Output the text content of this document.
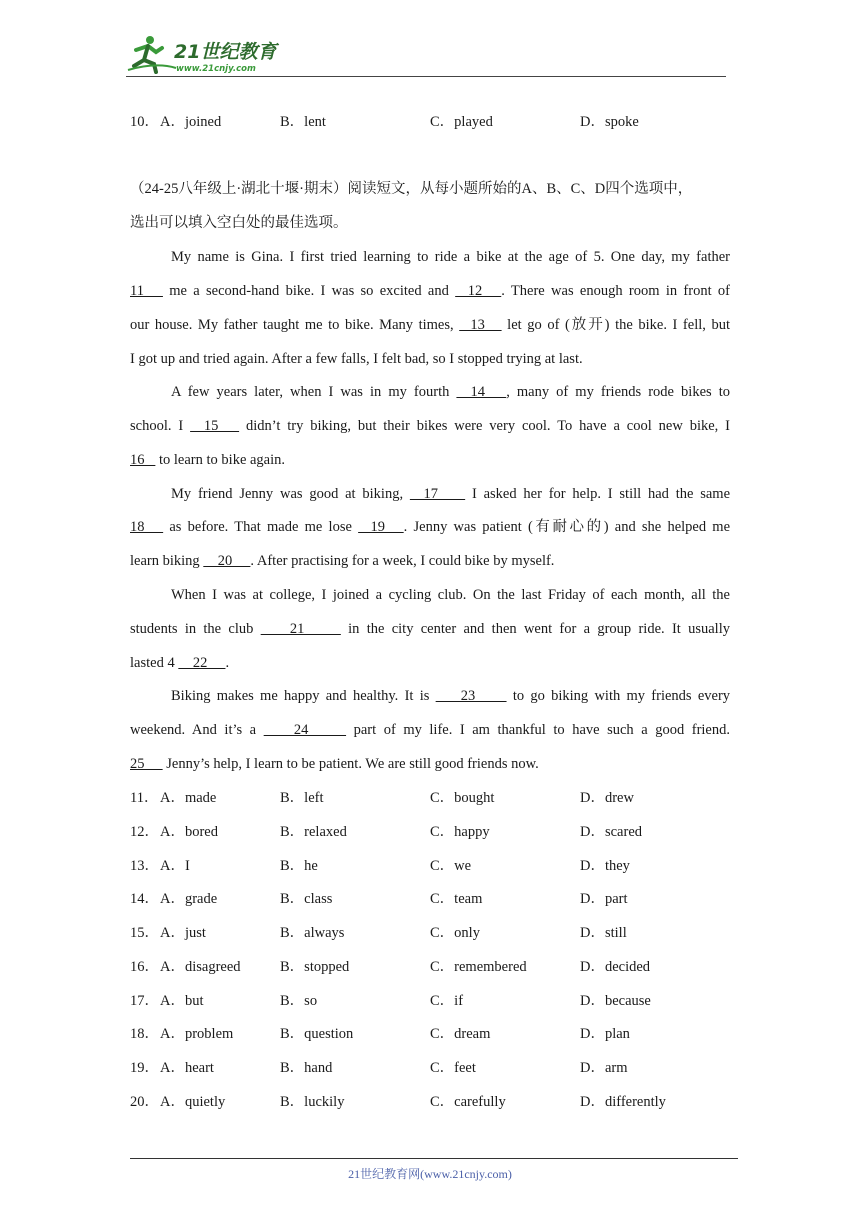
21世纪教育
www.21cnjy.com
10． A．joined	B．lent	C．played	D．spoke
（24-25八年级上·湖北十堰·期末）阅读短文，从每小题所始的A、B、C、D四个选项中，
选出可以填入空白处的最佳选项。
My name is Gina. I first tried learning to ride a bike at the age of 5. One day, my father
11    me a second-hand bike. I was so excited and   12   . There was enough room in front of
our house. My father taught me to bike. Many times,   13    let go of (放开) the bike. I fell, but
I got up and tried again. After a few falls, I felt bad, so I stopped trying at last.
A few years later, when I was in my fourth   14   , many of my friends rode bikes to
school. I   15    didn’t try biking, but their bikes were very cool. To have a cool new bike, I
16    to learn to bike again.
My friend Jenny was good at biking,   17     I asked her for help. I still had the same
18    as before. That made me lose   19   . Jenny was patient (有耐心的) and she helped me
learn biking     20     . After practising for a week, I could bike by myself.
When I was at college, I joined a cycling club. On the last Friday of each month, all the
students in the club     21      in the city center and then went for a group ride. It usually
lasted 4     22     .
Biking makes me happy and healthy. It is     23      to go biking with my friends every
weekend. And it’s a     24      part of my life. I am thankful to have such a good friend.
25      Jenny’s help, I learn to be patient. We are still good friends now.
11． A．made	B．left	C．bought	D．drew
12． A．bored	B．relaxed	C．happy	D．scared
13． A．I	B．he	C．we	D．they
14． A．grade	B．class	C．team	D．part
15． A．just	B．always	C．only	D．still
16． A．disagreed	B．stopped	C．remembered	D．decided
17． A．but	B．so	C．if	D．because
18． A．problem	B．question	C．dream	D．plan
19． A．heart	B．hand	C．feet	D．arm
20． A．quietly	B．luckily	C．carefully	D．differently
21世纪教育网(www.21cnjy.com)
